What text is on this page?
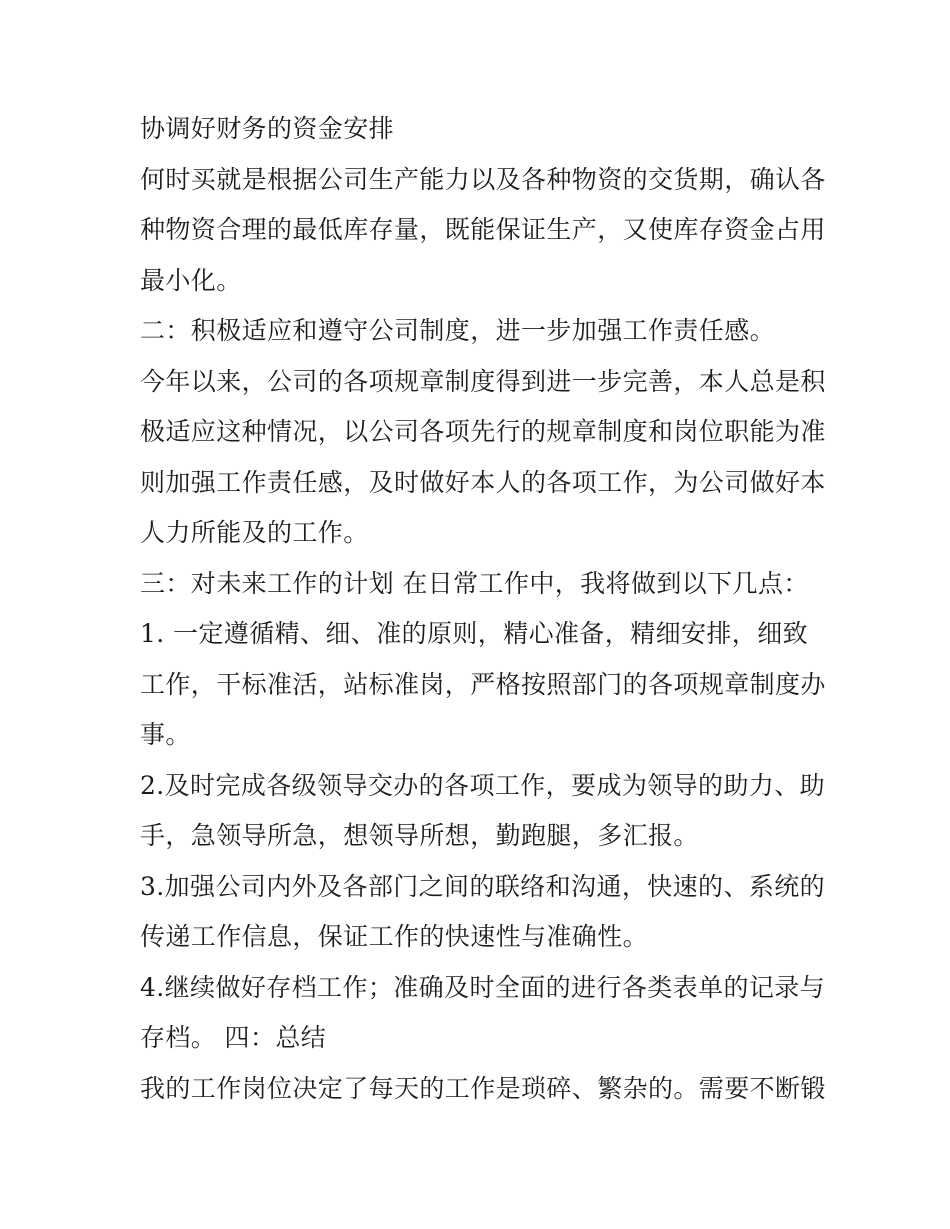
协调好财务的资金安排
何时买就是根据公司生产能力以及各种物资的交货期，确认各
种物资合理的最低库存量，既能保证生产，又使库存资金占用
最小化。
二：积极适应和遵守公司制度，进一步加强工作责任感。
今年以来，公司的各项规章制度得到进一步完善，本人总是积
极适应这种情况，以公司各项先行的规章制度和岗位职能为准
则加强工作责任感，及时做好本人的各项工作，为公司做好本
人力所能及的工作。
三：对未来工作的计划 在日常工作中，我将做到以下几点：
1. 一定遵循精、细、准的原则，精心准备，精细安排，细致
工作，干标准活，站标准岗，严格按照部门的各项规章制度办
事。
2.及时完成各级领导交办的各项工作，要成为领导的助力、助
手，急领导所急，想领导所想，勤跑腿，多汇报。
3.加强公司内外及各部门之间的联络和沟通，快速的、系统的
传递工作信息，保证工作的快速性与准确性。
4.继续做好存档工作；准确及时全面的进行各类表单的记录与
存档。 四：总结
我的工作岗位决定了每天的工作是琐碎、繁杂的。需要不断锻
